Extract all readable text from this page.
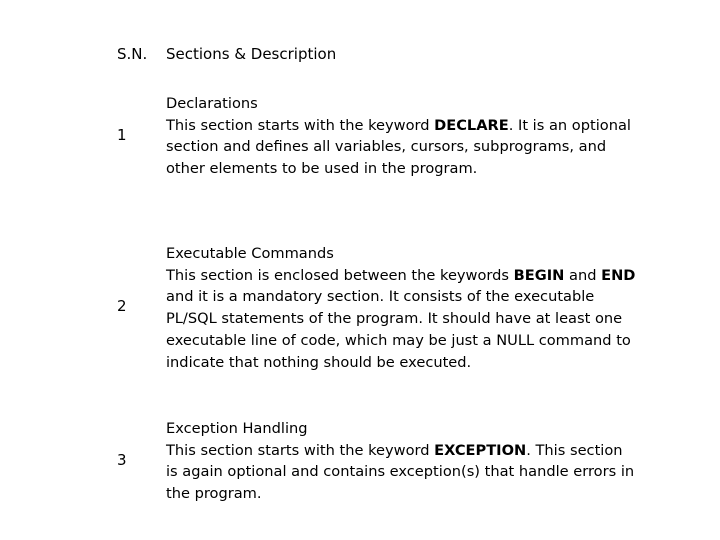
S.N. Sections & Description
1
Declarations
This section starts with the keyword DECLARE. It is an optional section and defines all variables, cursors, subprograms, and other elements to be used in the program.
2
Executable Commands
This section is enclosed between the keywords BEGIN and END and it is a mandatory section. It consists of the executable PL/SQL statements of the program. It should have at least one executable line of code, which may be just a NULL command to indicate that nothing should be executed.
3
Exception Handling
This section starts with the keyword EXCEPTION. This section is again optional and contains exception(s) that handle errors in the program.
